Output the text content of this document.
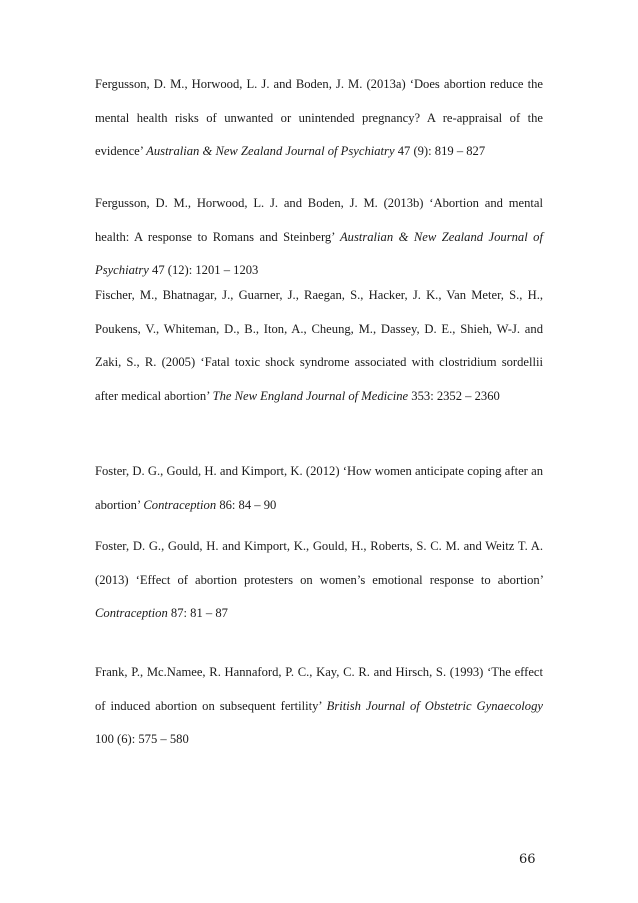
Fergusson, D. M., Horwood, L. J. and Boden, J. M. (2013a) ‘Does abortion reduce the mental health risks of unwanted or unintended pregnancy? A re-appraisal of the evidence’ Australian & New Zealand Journal of Psychiatry 47 (9): 819 – 827

Fergusson, D. M., Horwood, L. J. and Boden, J. M. (2013b) ‘Abortion and mental health: A response to Romans and Steinberg’ Australian & New Zealand Journal of Psychiatry 47 (12): 1201 – 1203

Fischer, M., Bhatnagar, J., Guarner, J., Raegan, S., Hacker, J. K., Van Meter, S., H., Poukens, V., Whiteman, D., B., Iton, A., Cheung, M., Dassey, D. E., Shieh, W-J. and Zaki, S., R. (2005) ‘Fatal toxic shock syndrome associated with clostridium sordellii after medical abortion’ The New England Journal of Medicine 353: 2352 – 2360

Foster, D. G., Gould, H. and Kimport, K. (2012) ‘How women anticipate coping after an abortion’ Contraception 86: 84 – 90

Foster, D. G., Gould, H. and Kimport, K., Gould, H., Roberts, S. C. M. and Weitz T. A. (2013) ‘Effect of abortion protesters on women’s emotional response to abortion’ Contraception 87: 81 – 87

Frank, P., Mc.Namee, R. Hannaford, P. C., Kay, C. R. and Hirsch, S. (1993) ‘The effect of induced abortion on subsequent fertility’ British Journal of Obstetric Gynaecology 100 (6): 575 – 580

66
